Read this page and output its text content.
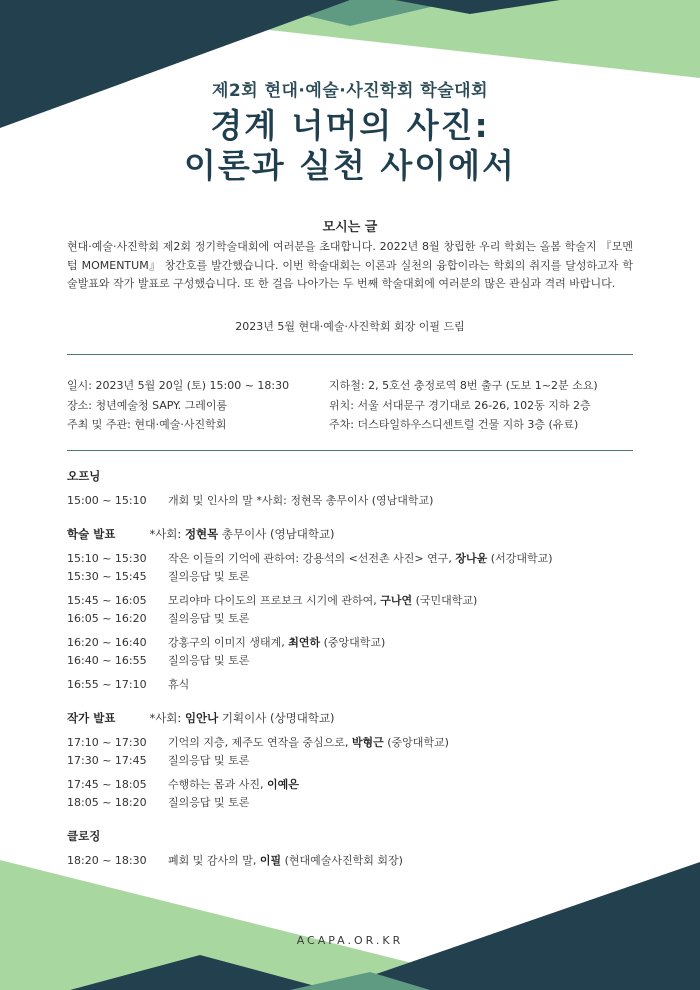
제2회 현대·예술·사진학회 학술대회
경계 너머의 사진:
이론과 실천 사이에서
모시는 글
현대·예술·사진학회 제2회 정기학술대회에 여러분을 초대합니다. 2022년 8월 창립한 우리 학회는 올봄 학술지 『모멘텀 MOMENTUM』 창간호를 발간했습니다. 이번 학술대회는 이론과 실천의 융합이라는 학회의 취지를 달성하고자 학술발표와 작가 발표로 구성했습니다. 또 한 걸음 나아가는 두 번째 학술대회에 여러분의 많은 관심과 격려 바랍니다.
2023년 5월 현대·예술·사진학회 회장 이필 드림
일시: 2023년 5월 20일 (토) 15:00 ~ 18:30	지하철: 2, 5호선 충정로역 8번 출구 (도보 1~2분 소요)
장소: 청년예술청 SAPY. 그레이룸	위치: 서울 서대문구 경기대로 26-26, 102동 지하 2층
주최 및 주관: 현대·예술·사진학회	주차: 더스타일하우스디센트럴 건물 지하 3층 (유료)
오프닝
15:00 ~ 15:10 개회 및 인사의 말 *사회: 정현목 총무이사 (영남대학교)
학술 발표	*사회: 정현목 총무이사 (영남대학교)
15:10 ~ 15:30 작은 이들의 기억에 관하여: 강용석의 <선전촌 사진> 연구, 장나윤 (서강대학교)
15:30 ~ 15:45 질의응답 및 토론
15:45 ~ 16:05 모리야마 다이도의 프로보크 시기에 관하여, 구나연 (국민대학교)
16:05 ~ 16:20 질의응답 및 토론
16:20 ~ 16:40 강홍구의 이미지 생태계, 최연하 (중앙대학교)
16:40 ~ 16:55 질의응답 및 토론
16:55 ~ 17:10 휴식
작가 발표	*사회: 임안나 기획이사 (상명대학교)
17:10 ~ 17:30 기억의 지층, 제주도 연작을 중심으로, 박형근 (중앙대학교)
17:30 ~ 17:45 질의응답 및 토론
17:45 ~ 18:05 수행하는 몸과 사진, 이예은
18:05 ~ 18:20 질의응답 및 토론
클로징
18:20 ~ 18:30 폐회 및 감사의 말, 이필 (현대예술사진학회 회장)
ACAPA.OR.KR
